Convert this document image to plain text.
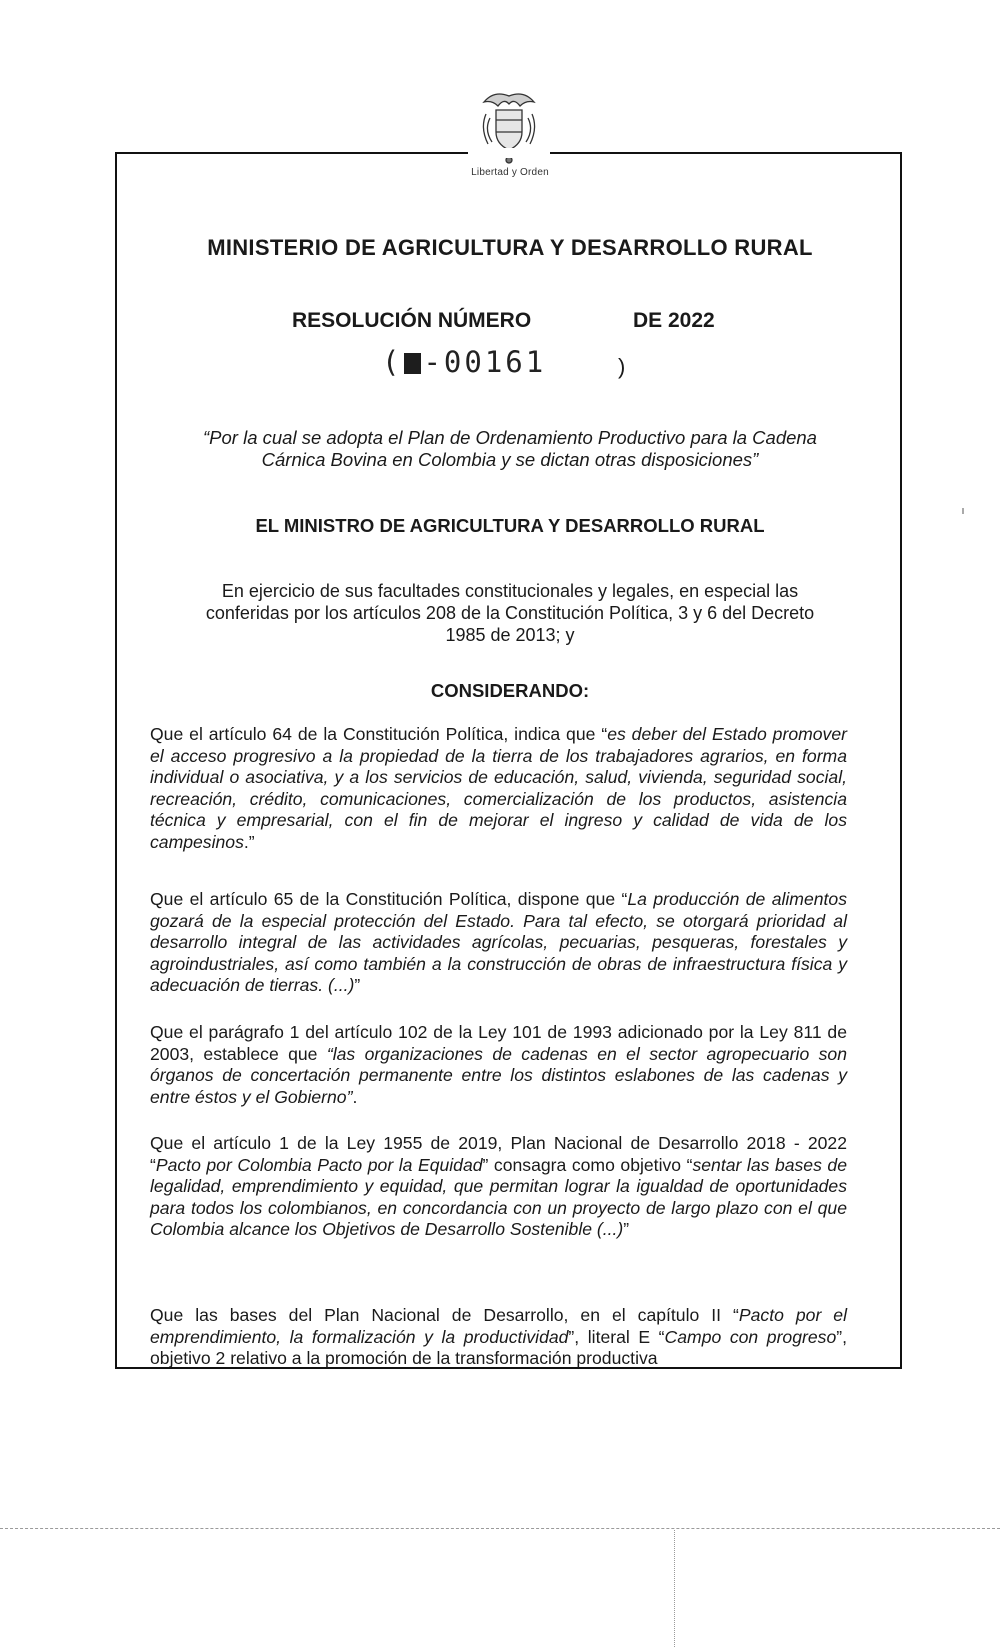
Libertad y Orden
MINISTERIO DE AGRICULTURA Y DESARROLLO RURAL
RESOLUCIÓN NÚMERO	DE 2022
( -00161	)
“Por la cual se adopta el Plan de Ordenamiento Productivo para la Cadena
Cárnica Bovina en Colombia y se dictan otras disposiciones”
EL MINISTRO DE AGRICULTURA Y DESARROLLO RURAL
En ejercicio de sus facultades constitucionales y legales, en especial las
conferidas por los artículos 208 de la Constitución Política, 3 y 6 del Decreto
1985 de 2013; y
CONSIDERANDO:
Que el artículo 64 de la Constitución Política, indica que “es deber del Estado promover el acceso progresivo a la propiedad de la tierra de los trabajadores agrarios, en forma individual o asociativa, y a los servicios de educación, salud, vivienda, seguridad social, recreación, crédito, comunicaciones, comercialización de los productos, asistencia técnica y empresarial, con el fin de mejorar el ingreso y calidad de vida de los campesinos.”
Que el artículo 65 de la Constitución Política, dispone que “La producción de alimentos gozará de la especial protección del Estado. Para tal efecto, se otorgará prioridad al desarrollo integral de las actividades agrícolas, pecuarias, pesqueras, forestales y agroindustriales, así como también a la construcción de obras de infraestructura física y adecuación de tierras. (...)”
Que el parágrafo 1 del artículo 102 de la Ley 101 de 1993 adicionado por la Ley 811 de 2003, establece que “las organizaciones de cadenas en el sector agropecuario son órganos de concertación permanente entre los distintos eslabones de las cadenas y entre éstos y el Gobierno”.
Que el artículo 1 de la Ley 1955 de 2019, Plan Nacional de Desarrollo 2018 - 2022 “Pacto por Colombia Pacto por la Equidad” consagra como objetivo “sentar las bases de legalidad, emprendimiento y equidad, que permitan lograr la igualdad de oportunidades para todos los colombianos, en concordancia con un proyecto de largo plazo con el que Colombia alcance los Objetivos de Desarrollo Sostenible (...)”
Que las bases del Plan Nacional de Desarrollo, en el capítulo II “Pacto por el emprendimiento, la formalización y la productividad”, literal E “Campo con progreso”, objetivo 2 relativo a la promoción de la transformación productiva
